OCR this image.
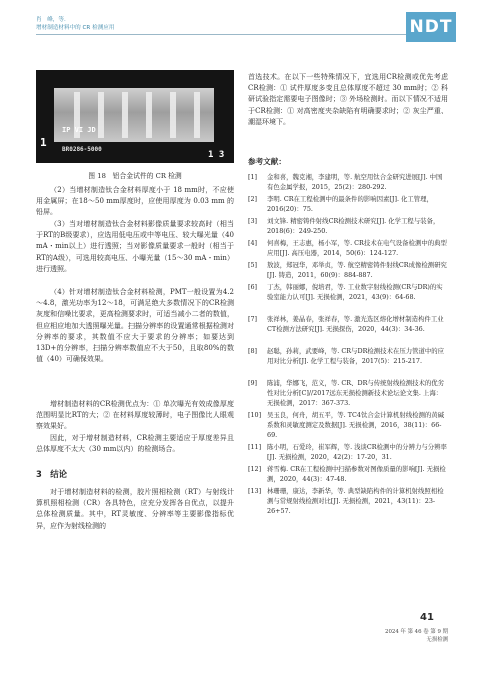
肖　峰，等.
增材制造材料中的 CR 检测应用	NDT
IP VI JD
BR0286-5000
1
1 3
图 18　铝合金试件的 CR 检测
（2）当增材制造钛合金材料厚度小于 18 mm时，不应使用金属屏；在18～50 mm厚度时，应使用厚度为 0.03 mm 的铅屏。
（3）当对增材制造钛合金材料影像质量要求较高时（相当于RT的B级要求），应选用低电压或中等电压、较大曝光量（40 mA・min以上）进行透照；当对影像质量要求一般时（相当于RT的A级），可选用较高电压、小曝光量（15～30 mA・min）进行透照。
（4）针对增材制造钛合金材料检测，PMT一般设置为4.2～4.8，激光功率为12～18，可满足绝大多数情况下的CR检测灰度和信噪比要求，更高检测要求时，可适当减小二者的数值，但应相应地加大透照曝光量。扫描分辨率的设置通常根据检测对分辨率的要求，其数值不应大于要求的分辨率；如要达到13D+的分辨率，扫描分辨率数值应不大于50，且取80%的数值（40）可确保效果。
增材制造材料的CR检测优点为：① 单次曝光有效成像厚度范围明显比RT的大；② 在材料厚度较薄时，电子图像比人眼观察效果好。
因此，对于增材制造材料，CR检测主要适应于厚度差异且总体厚度不太大（30 mm以内）的检测场合。
3　结论
对于增材制造材料的检测，胶片照相检测（RT）与射线计算机照相检测（CR）各具特色，应充分发挥各自优点，以提升总体检测质量。其中，RT灵敏度、分辨率等主要影像指标优异，应作为射线检测的
首选技术。在以下一些特殊情况下，宜选用CR检测或优先考虑CR检测：① 试件厚度多变且总体厚度不超过 30 mm时；② 科研试验指定需要电子图像时；③ 外场检测时。而以下情况不适用于CR检测：① 对高密度夹杂缺陷有明确要求时；② 灰尘严重、潮湿环境下。
参考文献：
[1] 金和喜，魏克湘，李建明，等. 航空用钛合金研究进展[J]. 中国有色金属学报，2015，25(2)：280-292.
[2] 李明. CR在工程检测中的最条件的影响因素[J]. 化工管理，2016(20)：75.
[3] 刘文锋. 精密铸件射线CR检测技术研究[J]. 化学工程与装备，2018(6)：249-250.
[4] 何喜梅，王志惠，杨小军，等. CR技术在电气设备检测中的典型应用[J]. 高压电器，2014，50(6)：124-127.
[5] 敖波，郑冠华，邓举贞，等. 航空精密铸件射线CR成像检测研究[J]. 铸造，2011，60(9)：884-887.
[6] 丁杰，韩丽娜，倪培君，等. 工业数字射线检测(CR与DR)的实验室能力认可[J]. 无损检测，2021，43(9)：64-68.
[7] 张祥林，姜晶春，张祥春，等. 激光选区熔化增材制造构件工业CT检测方法研究[J]. 无损探伤，2020，44(3)：34-36.
[8] 赵聪，孙莉，武要峰，等. CR与DR检测技术在压力管道中的应用对比分析[J]. 化学工程与装备，2017(5)：215-217.
[9] 陈浦，华娜飞，范义，等. CR、DR与传统射线检测技术的优劣性对比分析[C]//2017远东无损检测新技术论坛论文集. 上海：无损检测，2017：367-373.
[10] 吴玉良，何舟，胡五平，等. TC4钛合金计算机射线检测的黄碱系数和灵敏度测定及数据[J]. 无损检测，2016，38(11)：66-69.
[11] 陈小明，石爱玲，崔军辉，等. 浅谈CR检测中的分辨力与分辨率[J]. 无损检测，2020，42(2)：17-20，31.
[12] 蒋雪梅. CR在工程检测中扫描参数对图像质量的影响[J]. 无损检测，2020，44(3)：47-48.
[13] 林珊珊，康达，李新华，等. 典型缺陷构件的计算机射线照相检测与常规射线检测对比[J]. 无损检测，2021，43(11)：23-26+57.
41
2024 年 第 46 卷 第 9 期
无损检测
